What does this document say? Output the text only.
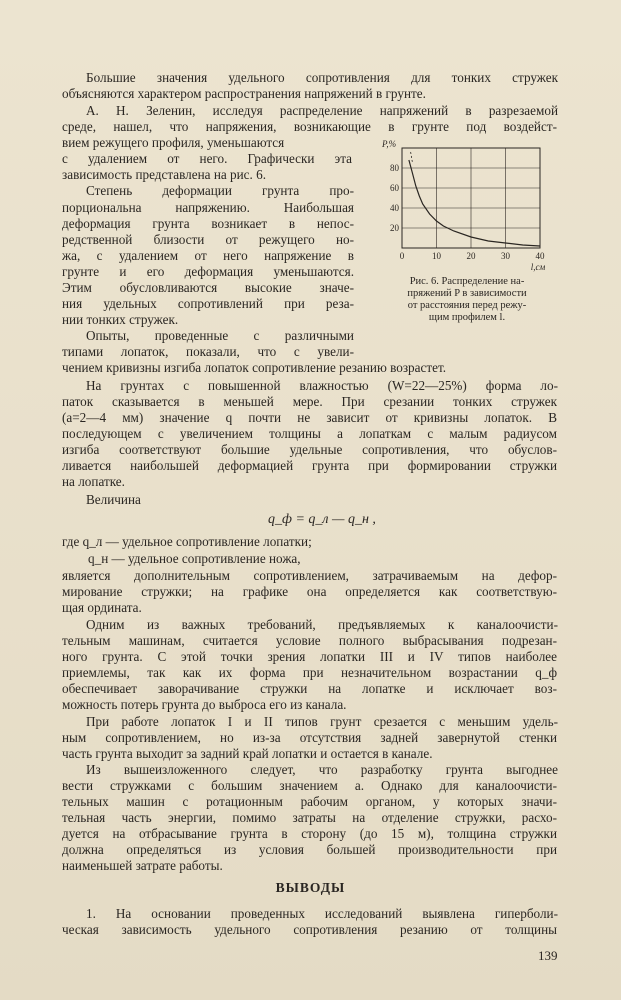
Большие значения удельного сопротивления для тонких стружек
объясняются характером распространения напряжений в грунте.
А. Н. Зеленин, исследуя распределение напряжений в разрезаемой
среде, нашел, что напряжения, возникающие в грунте под воздейст-
вием режущего профиля, уменьшаются
с удалением от него. Графически эта
зависимость представлена на рис. 6.
Степень деформации грунта про-
порциональна напряжению. Наибольшая
деформация грунта возникает в непос-
редственной близости от режущего но-
жа, с удалением от него напряжение в
грунте и его деформация уменьшаются.
Этим обусловливаются высокие значе-
ния удельных сопротивлений при реза-
нии тонких стружек.
Опыты, проведенные с различными
типами лопаток, показали, что с увели-
чением кривизны изгиба лопаток сопротивление резанию возрастет.
На грунтах с повышенной влажностью (W=22—25%) форма ло-
паток сказывается в меньшей мере. При срезании тонких стружек
(a=2—4 мм) значение q почти не зависит от кривизны лопаток. В
последующем с увеличением толщины a лопаткам с малым радиусом
изгиба соответствуют большие удельные сопротивления, что обуслов-
ливается наибольшей деформацией грунта при формировании стружки
на лопатке.
Величина
q_ф = q_л — q_н ,
где q_л — удельное сопротивление лопатки;
q_н — удельное сопротивление ножа,
является дополнительным сопротивлением, затрачиваемым на дефор-
мирование стружки; на графике она определяется как соответствую-
щая ордината.
Одним из важных требований, предъявляемых к каналоочисти-
тельным машинам, считается условие полного выбрасывания подрезан-
ного грунта. С этой точки зрения лопатки III и IV типов наиболее
приемлемы, так как их форма при незначительном возрастании q_ф
обеспечивает заворачивание стружки на лопатке и исключает воз-
можность потерь грунта до выброса его из канала.
При работе лопаток I и II типов грунт срезается с меньшим удель-
ным сопротивлением, но из-за отсутствия задней завернутой стенки
часть грунта выходит за задний край лопатки и остается в канале.
Из вышеизложенного следует, что разработку грунта выгоднее
вести стружками с большим значением a. Однако для каналоочисти-
тельных машин с ротационным рабочим органом, у которых значи-
тельная часть энергии, помимо затраты на отделение стружки, расхо-
дуется на отбрасывание грунта в сторону (до 15 м), толщина стружки
должна определяться из условия большей производительности при
наименьшей затрате работы.
ВЫВОДЫ
1. На основании проведенных исследований выявлена гиперболи-
ческая зависимость удельного сопротивления резанию от толщины
139
20
40
60
80
0	10	20	30	40
P,%
l,см
Рис. 6. Распределение на-
пряжений P в зависимости
от расстояния перед режу-
щим профилем l.
